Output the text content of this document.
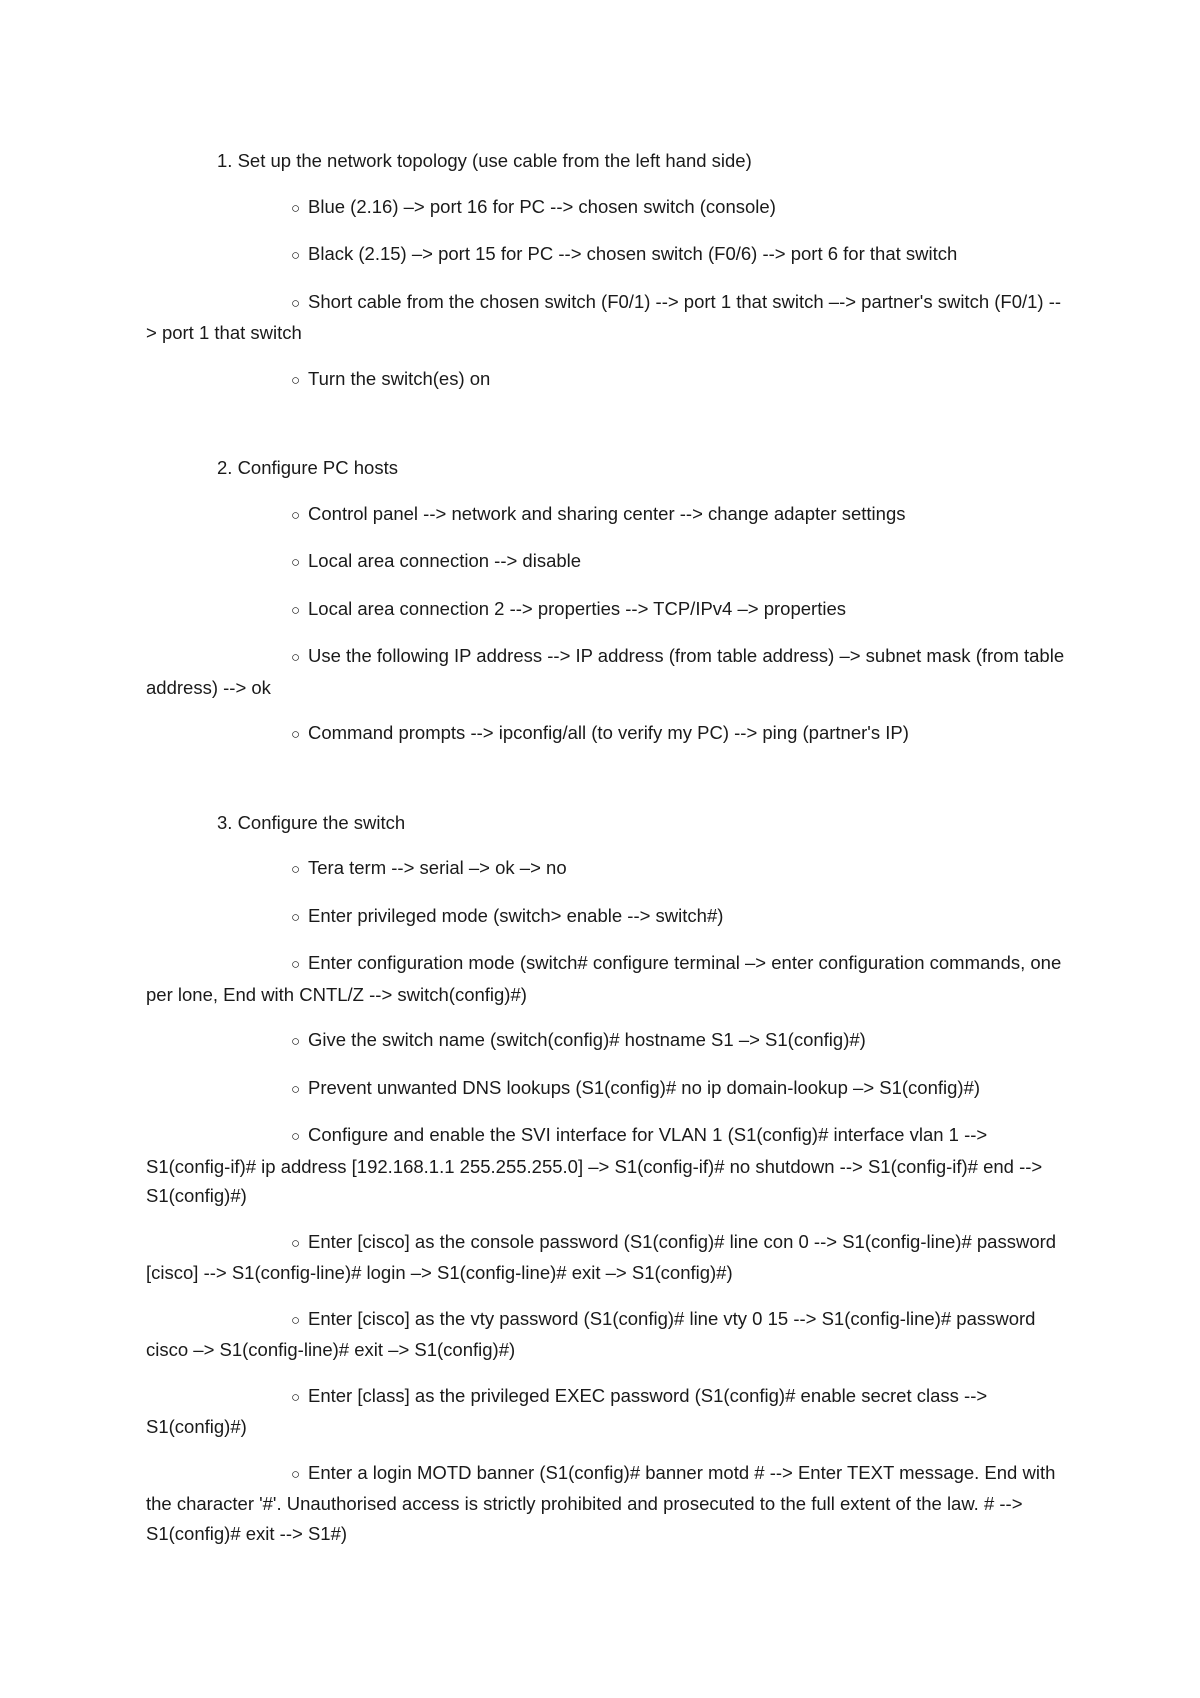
1. Set up the network topology (use cable from the left hand side)
○ Blue (2.16) –> port 16 for PC --> chosen switch (console)
○ Black (2.15) –> port 15 for PC --> chosen switch (F0/6) --> port 6 for that switch
○ Short cable from the chosen switch (F0/1) --> port 1 that switch –-> partner's switch (F0/1) --> port 1 that switch
○ Turn the switch(es) on
2. Configure PC hosts
○ Control panel --> network and sharing center --> change adapter settings
○ Local area connection --> disable
○ Local area connection 2 --> properties --> TCP/IPv4 –> properties
○ Use the following IP address --> IP address (from table address) –> subnet mask (from table address) --> ok
○ Command prompts --> ipconfig/all (to verify my PC) --> ping (partner's IP)
3. Configure the switch
○ Tera term --> serial –> ok –> no
○ Enter privileged mode (switch> enable --> switch#)
○ Enter configuration mode (switch# configure terminal –> enter configuration commands, one per lone, End with CNTL/Z --> switch(config)#)
○ Give the switch name (switch(config)# hostname S1 –> S1(config)#)
○ Prevent unwanted DNS lookups (S1(config)# no ip domain-lookup –> S1(config)#)
○ Configure and enable the SVI interface for VLAN 1 (S1(config)# interface vlan 1 --> S1(config-if)# ip address [192.168.1.1 255.255.255.0] –> S1(config-if)# no shutdown --> S1(config-if)# end --> S1(config)#)
○ Enter [cisco] as the console password (S1(config)# line con 0 --> S1(config-line)# password [cisco] --> S1(config-line)# login –> S1(config-line)# exit –> S1(config)#)
○ Enter [cisco] as the vty password (S1(config)# line vty 0 15 --> S1(config-line)# password cisco –> S1(config-line)# exit –> S1(config)#)
○ Enter [class] as the privileged EXEC password (S1(config)# enable secret class --> S1(config)#)
○ Enter a login MOTD banner (S1(config)# banner motd # --> Enter TEXT message. End with the character '#'. Unauthorised access is strictly prohibited and prosecuted to the full extent of the law. # --> S1(config)# exit --> S1#)
